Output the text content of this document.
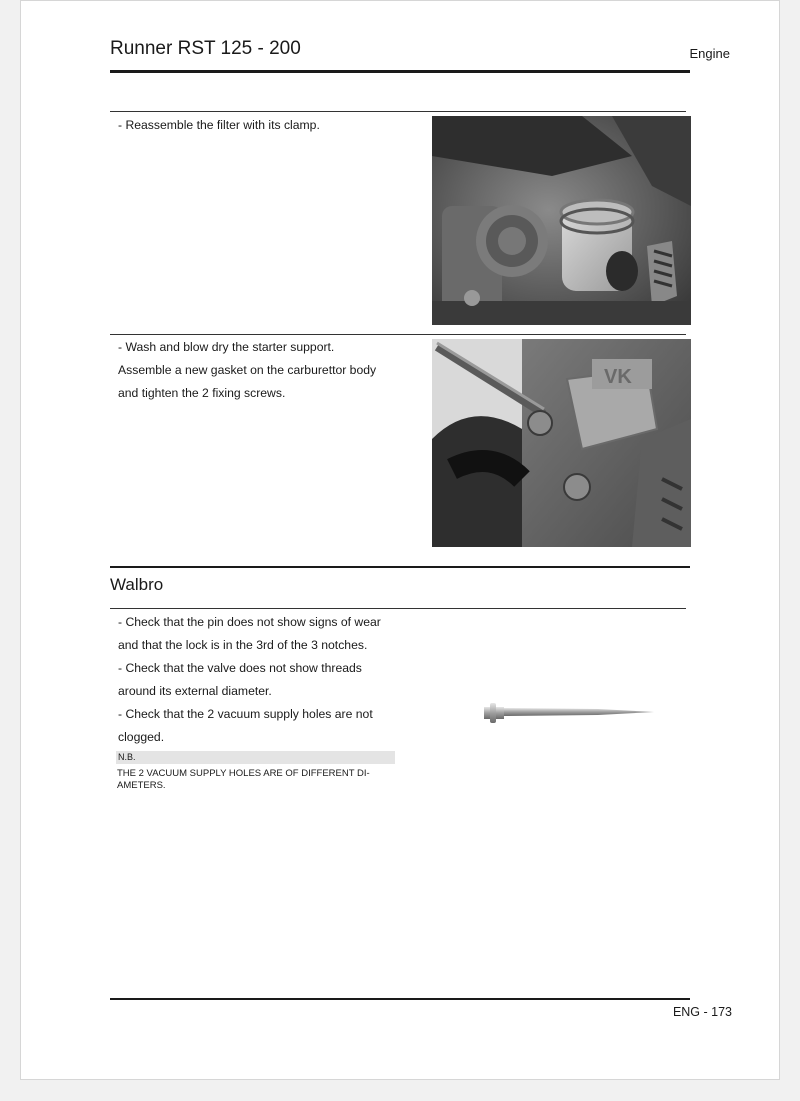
Runner RST 125 - 200	Engine

- Reassemble the filter with its clamp.

- Wash and blow dry the starter support.

Assemble a new gasket on the carburettor body

and tighten the 2 fixing screws.

VK
Walbro

- Check that the pin does not show signs of wear

and that the lock is in the 3rd of the 3 notches.

- Check that the valve does not show threads

around its external diameter.

- Check that the 2 vacuum supply holes are not

clogged.

N.B.
THE 2 VACUUM SUPPLY HOLES ARE OF DIFFERENT DI-
AMETERS.
ENG - 173
